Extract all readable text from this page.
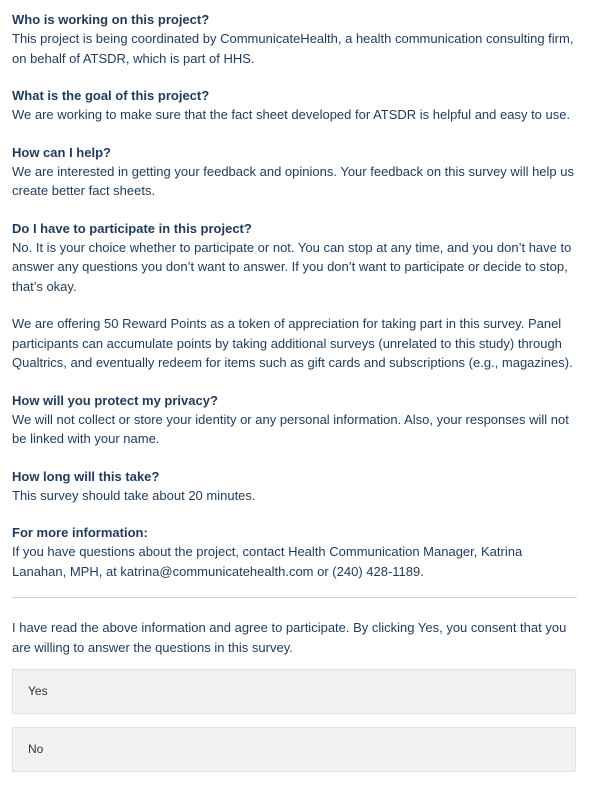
Who is working on this project?

This project is being coordinated by CommunicateHealth, a health communication consulting firm, on behalf of ATSDR, which is part of HHS.

What is the goal of this project?

We are working to make sure that the fact sheet developed for ATSDR is helpful and easy to use.

How can I help?

We are interested in getting your feedback and opinions. Your feedback on this survey will help us create better fact sheets.

Do I have to participate in this project?

No. It is your choice whether to participate or not. You can stop at any time, and you don’t have to answer any questions you don’t want to answer. If you don’t want to participate or decide to stop, that’s okay.

We are offering 50 Reward Points as a token of appreciation for taking part in this survey. Panel participants can accumulate points by taking additional surveys (unrelated to this study) through Qualtrics, and eventually redeem for items such as gift cards and subscriptions (e.g., magazines).

How will you protect my privacy?

We will not collect or store your identity or any personal information. Also, your responses will not be linked with your name.

How long will this take?

This survey should take about 20 minutes.

For more information:

If you have questions about the project, contact Health Communication Manager, Katrina Lanahan, MPH, at katrina@communicatehealth.com or (240) 428-1189.

I have read the above information and agree to participate. By clicking Yes, you consent that you are willing to answer the questions in this survey.

Yes
No
